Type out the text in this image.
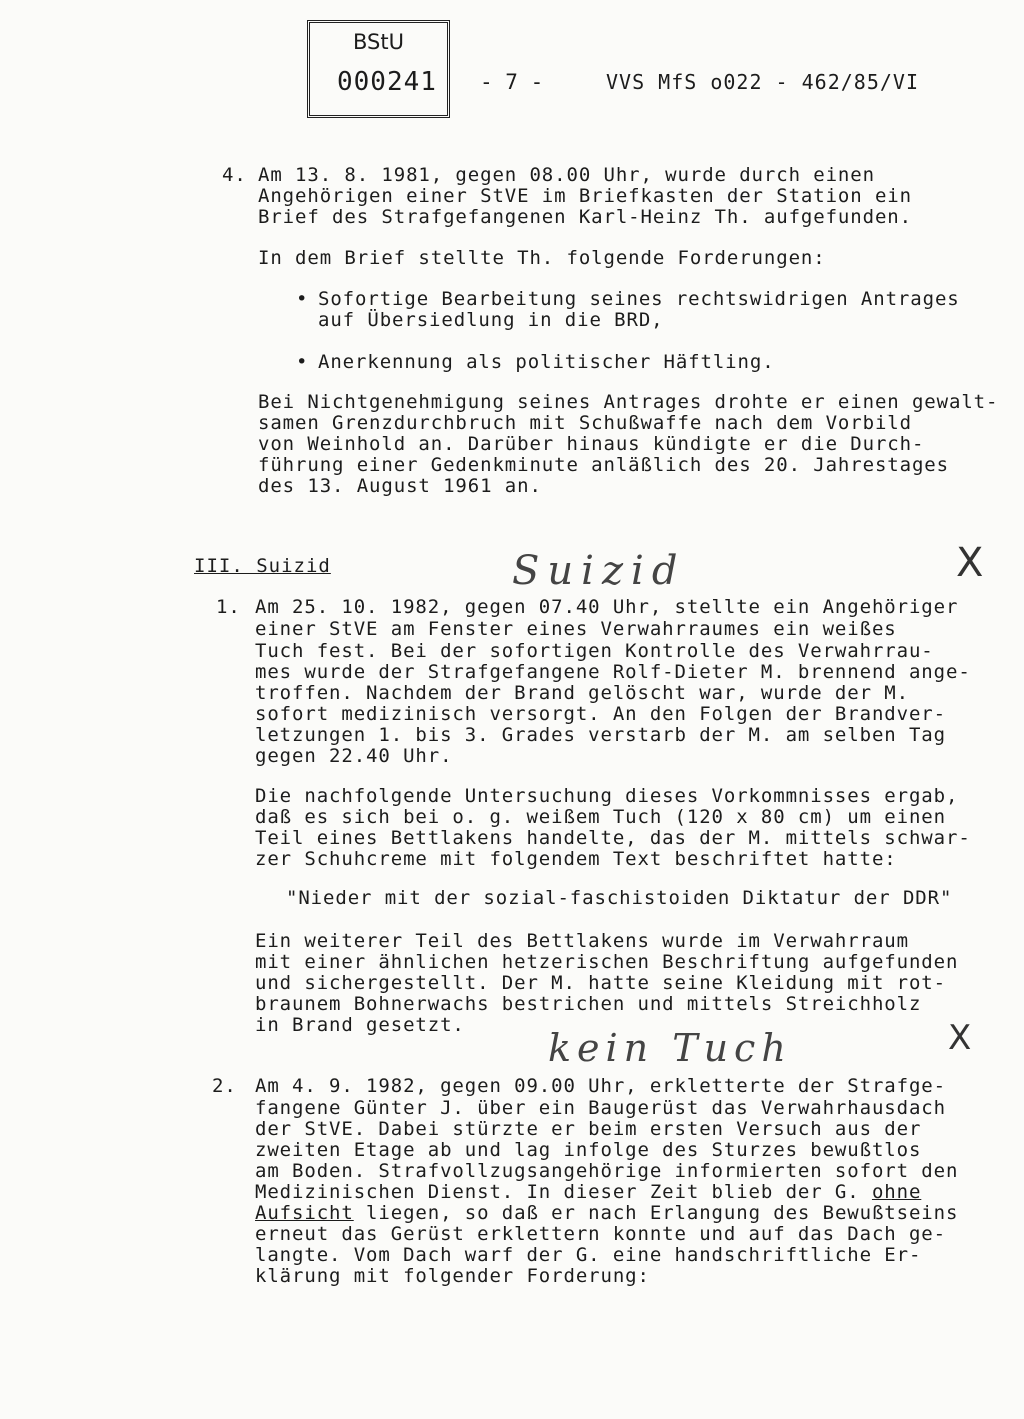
BStU
000241 - 7 -	VVS MfS o022 - 462/85/VI

4. Am 13. 8. 1981, gegen 08.00 Uhr, wurde durch einen

Angehörigen einer StVE im Briefkasten der Station ein

Brief des Strafgefangenen Karl-Heinz Th. aufgefunden.

In dem Brief stellte Th. folgende Forderungen:

• Sofortige Bearbeitung seines rechtswidrigen Antrages

auf Übersiedlung in die BRD,

• Anerkennung als politischer Häftling.

Bei Nichtgenehmigung seines Antrages drohte er einen gewalt-

samen Grenzdurchbruch mit Schußwaffe nach dem Vorbild

von Weinhold an. Darüber hinaus kündigte er die Durch-

führung einer Gedenkminute anläßlich des 20. Jahrestages

des 13. August 1961 an.

III. Suizid	Suizid	X

1. Am 25. 10. 1982, gegen 07.40 Uhr, stellte ein Angehöriger

einer StVE am Fenster eines Verwahrraumes ein weißes

Tuch fest. Bei der sofortigen Kontrolle des Verwahrrau-

mes wurde der Strafgefangene Rolf-Dieter M. brennend ange-

troffen. Nachdem der Brand gelöscht war, wurde der M.

sofort medizinisch versorgt. An den Folgen der Brandver-

letzungen 1. bis 3. Grades verstarb der M. am selben Tag

gegen 22.40 Uhr.

Die nachfolgende Untersuchung dieses Vorkommnisses ergab,

daß es sich bei o. g. weißem Tuch (120 x 80 cm) um einen

Teil eines Bettlakens handelte, das der M. mittels schwar-

zer Schuhcreme mit folgendem Text beschriftet hatte:

"Nieder mit der sozial-faschistoiden Diktatur der DDR"

Ein weiterer Teil des Bettlakens wurde im Verwahrraum

mit einer ähnlichen hetzerischen Beschriftung aufgefunden

und sichergestellt. Der M. hatte seine Kleidung mit rot-

braunem Bohnerwachs bestrichen und mittels Streichholz

in Brand gesetzt.

kein Tuch	X

2. Am 4. 9. 1982, gegen 09.00 Uhr, erkletterte der Strafge-

fangene Günter J. über ein Baugerüst das Verwahrhausdach

der StVE. Dabei stürzte er beim ersten Versuch aus der

zweiten Etage ab und lag infolge des Sturzes bewußtlos

am Boden. Strafvollzugsangehörige informierten sofort den

Medizinischen Dienst. In dieser Zeit blieb der G. ohne

Aufsicht liegen, so daß er nach Erlangung des Bewußtseins

erneut das Gerüst erklettern konnte und auf das Dach ge-

langte. Vom Dach warf der G. eine handschriftliche Er-

klärung mit folgender Forderung:
